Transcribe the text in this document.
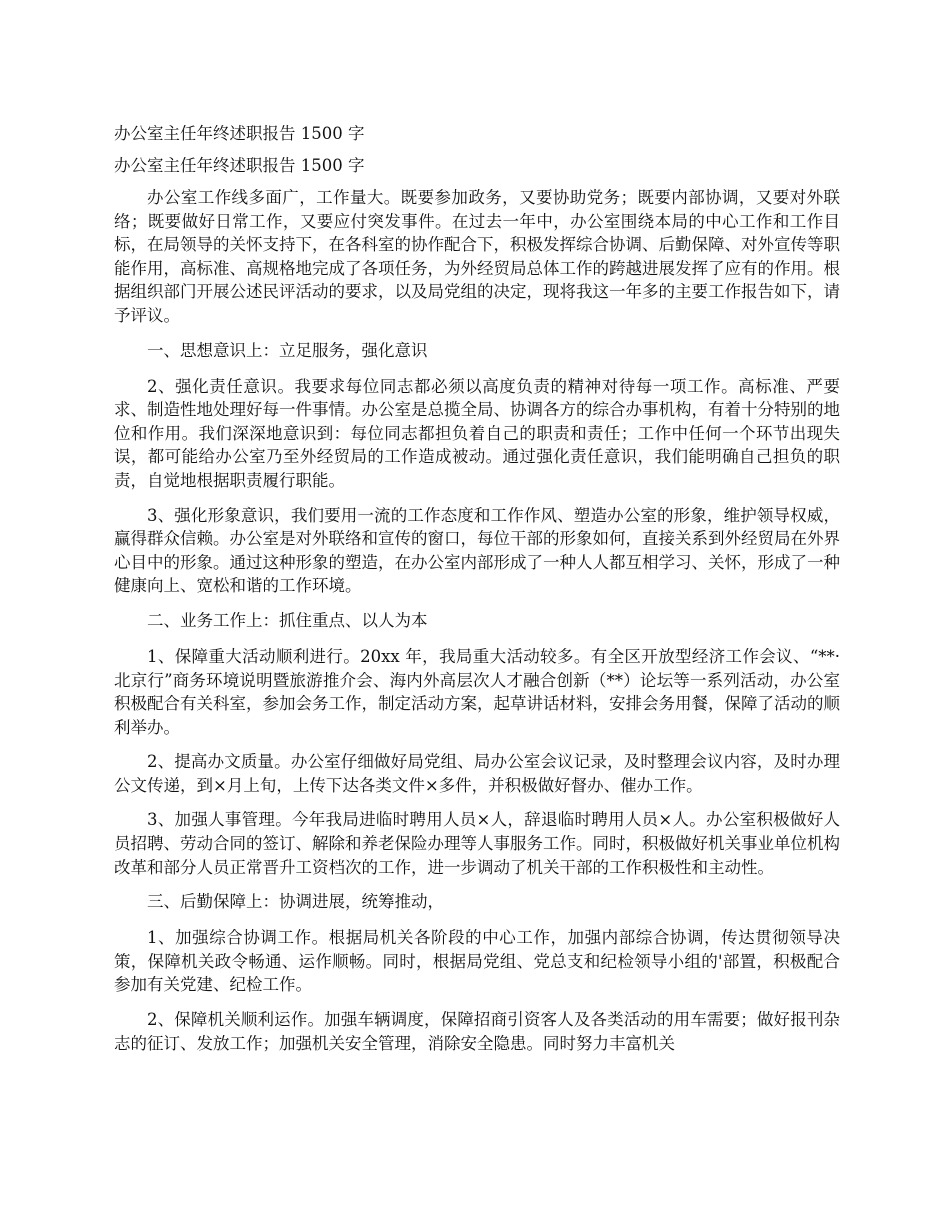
办公室主任年终述职报告 1500 字
办公室主任年终述职报告 1500 字

办公室工作线多面广，工作量大。既要参加政务，又要协助党务；既要内部协调，又要对外联络；既要做好日常工作，又要应付突发事件。在过去一年中，办公室围绕本局的中心工作和工作目标，在局领导的关怀支持下，在各科室的协作配合下，积极发挥综合协调、后勤保障、对外宣传等职能作用，高标准、高规格地完成了各项任务，为外经贸局总体工作的跨越进展发挥了应有的作用。根据组织部门开展公述民评活动的要求，以及局党组的决定，现将我这一年多的主要工作报告如下，请予评议。

一、思想意识上：立足服务，强化意识

2、强化责任意识。我要求每位同志都必须以高度负责的精神对待每一项工作。高标准、严要求、制造性地处理好每一件事情。办公室是总揽全局、协调各方的综合办事机构，有着十分特别的地位和作用。我们深深地意识到：每位同志都担负着自己的职责和责任；工作中任何一个环节出现失误，都可能给办公室乃至外经贸局的工作造成被动。通过强化责任意识，我们能明确自己担负的职责，自觉地根据职责履行职能。

3、强化形象意识，我们要用一流的工作态度和工作作风、塑造办公室的形象，维护领导权威，赢得群众信赖。办公室是对外联络和宣传的窗口，每位干部的形象如何，直接关系到外经贸局在外界心目中的形象。通过这种形象的塑造，在办公室内部形成了一种人人都互相学习、关怀，形成了一种健康向上、宽松和谐的工作环境。

二、业务工作上：抓住重点、以人为本

1、保障重大活动顺利进行。20xx 年，我局重大活动较多。有全区开放型经济工作会议、“**·北京行”商务环境说明暨旅游推介会、海内外高层次人才融合创新（**）论坛等一系列活动，办公室积极配合有关科室，参加会务工作，制定活动方案，起草讲话材料，安排会务用餐，保障了活动的顺利举办。

2、提高办文质量。办公室仔细做好局党组、局办公室会议记录，及时整理会议内容，及时办理公文传递，到×月上旬，上传下达各类文件×多件，并积极做好督办、催办工作。

3、加强人事管理。今年我局进临时聘用人员×人，辞退临时聘用人员×人。办公室积极做好人员招聘、劳动合同的签订、解除和养老保险办理等人事服务工作。同时，积极做好机关事业单位机构改革和部分人员正常晋升工资档次的工作，进一步调动了机关干部的工作积极性和主动性。

三、后勤保障上：协调进展，统筹推动，

1、加强综合协调工作。根据局机关各阶段的中心工作，加强内部综合协调，传达贯彻领导决策，保障机关政令畅通、运作顺畅。同时，根据局党组、党总支和纪检领导小组的'部置，积极配合参加有关党建、纪检工作。

2、保障机关顺利运作。加强车辆调度，保障招商引资客人及各类活动的用车需要；做好报刊杂志的征订、发放工作；加强机关安全管理，消除安全隐患。同时努力丰富机关
